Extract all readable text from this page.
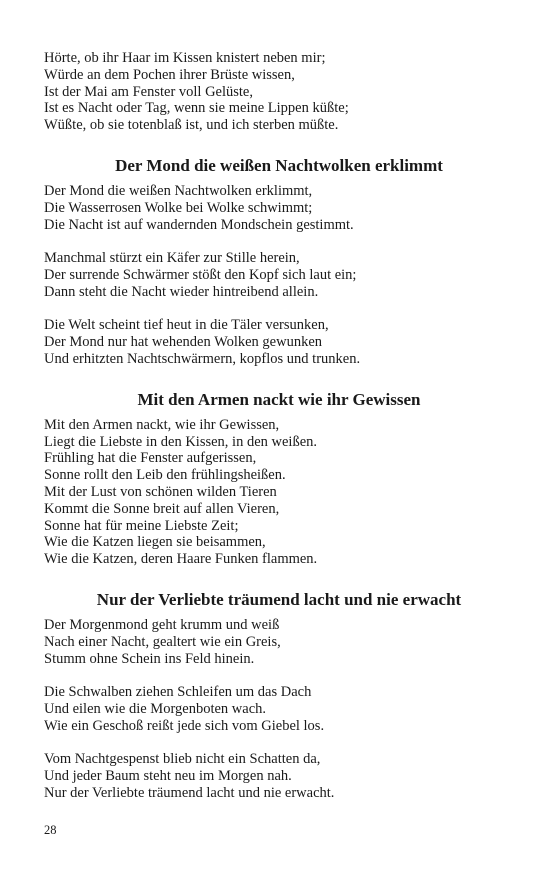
Hörte, ob ihr Haar im Kissen knistert neben mir;
Würde an dem Pochen ihrer Brüste wissen,
Ist der Mai am Fenster voll Gelüste,
Ist es Nacht oder Tag, wenn sie meine Lippen küßte;
Wüßte, ob sie totenblaß ist, und ich sterben müßte.
Der Mond die weißen Nachtwolken erklimmt
Der Mond die weißen Nachtwolken erklimmt,
Die Wasserrosen Wolke bei Wolke schwimmt;
Die Nacht ist auf wandernden Mondschein gestimmt.
Manchmal stürzt ein Käfer zur Stille herein,
Der surrende Schwärmer stößt den Kopf sich laut ein;
Dann steht die Nacht wieder hintreibend allein.
Die Welt scheint tief heut in die Täler versunken,
Der Mond nur hat wehenden Wolken gewunken
Und erhitzten Nachtschwärmern, kopflos und trunken.
Mit den Armen nackt wie ihr Gewissen
Mit den Armen nackt, wie ihr Gewissen,
Liegt die Liebste in den Kissen, in den weißen.
Frühling hat die Fenster aufgerissen,
Sonne rollt den Leib den frühlingsheißen.
Mit der Lust von schönen wilden Tieren
Kommt die Sonne breit auf allen Vieren,
Sonne hat für meine Liebste Zeit;
Wie die Katzen liegen sie beisammen,
Wie die Katzen, deren Haare Funken flammen.
Nur der Verliebte träumend lacht und nie erwacht
Der Morgenmond geht krumm und weiß
Nach einer Nacht, gealtert wie ein Greis,
Stumm ohne Schein ins Feld hinein.
Die Schwalben ziehen Schleifen um das Dach
Und eilen wie die Morgenboten wach.
Wie ein Geschoß reißt jede sich vom Giebel los.
Vom Nachtgespenst blieb nicht ein Schatten da,
Und jeder Baum steht neu im Morgen nah.
Nur der Verliebte träumend lacht und nie erwacht.
28
